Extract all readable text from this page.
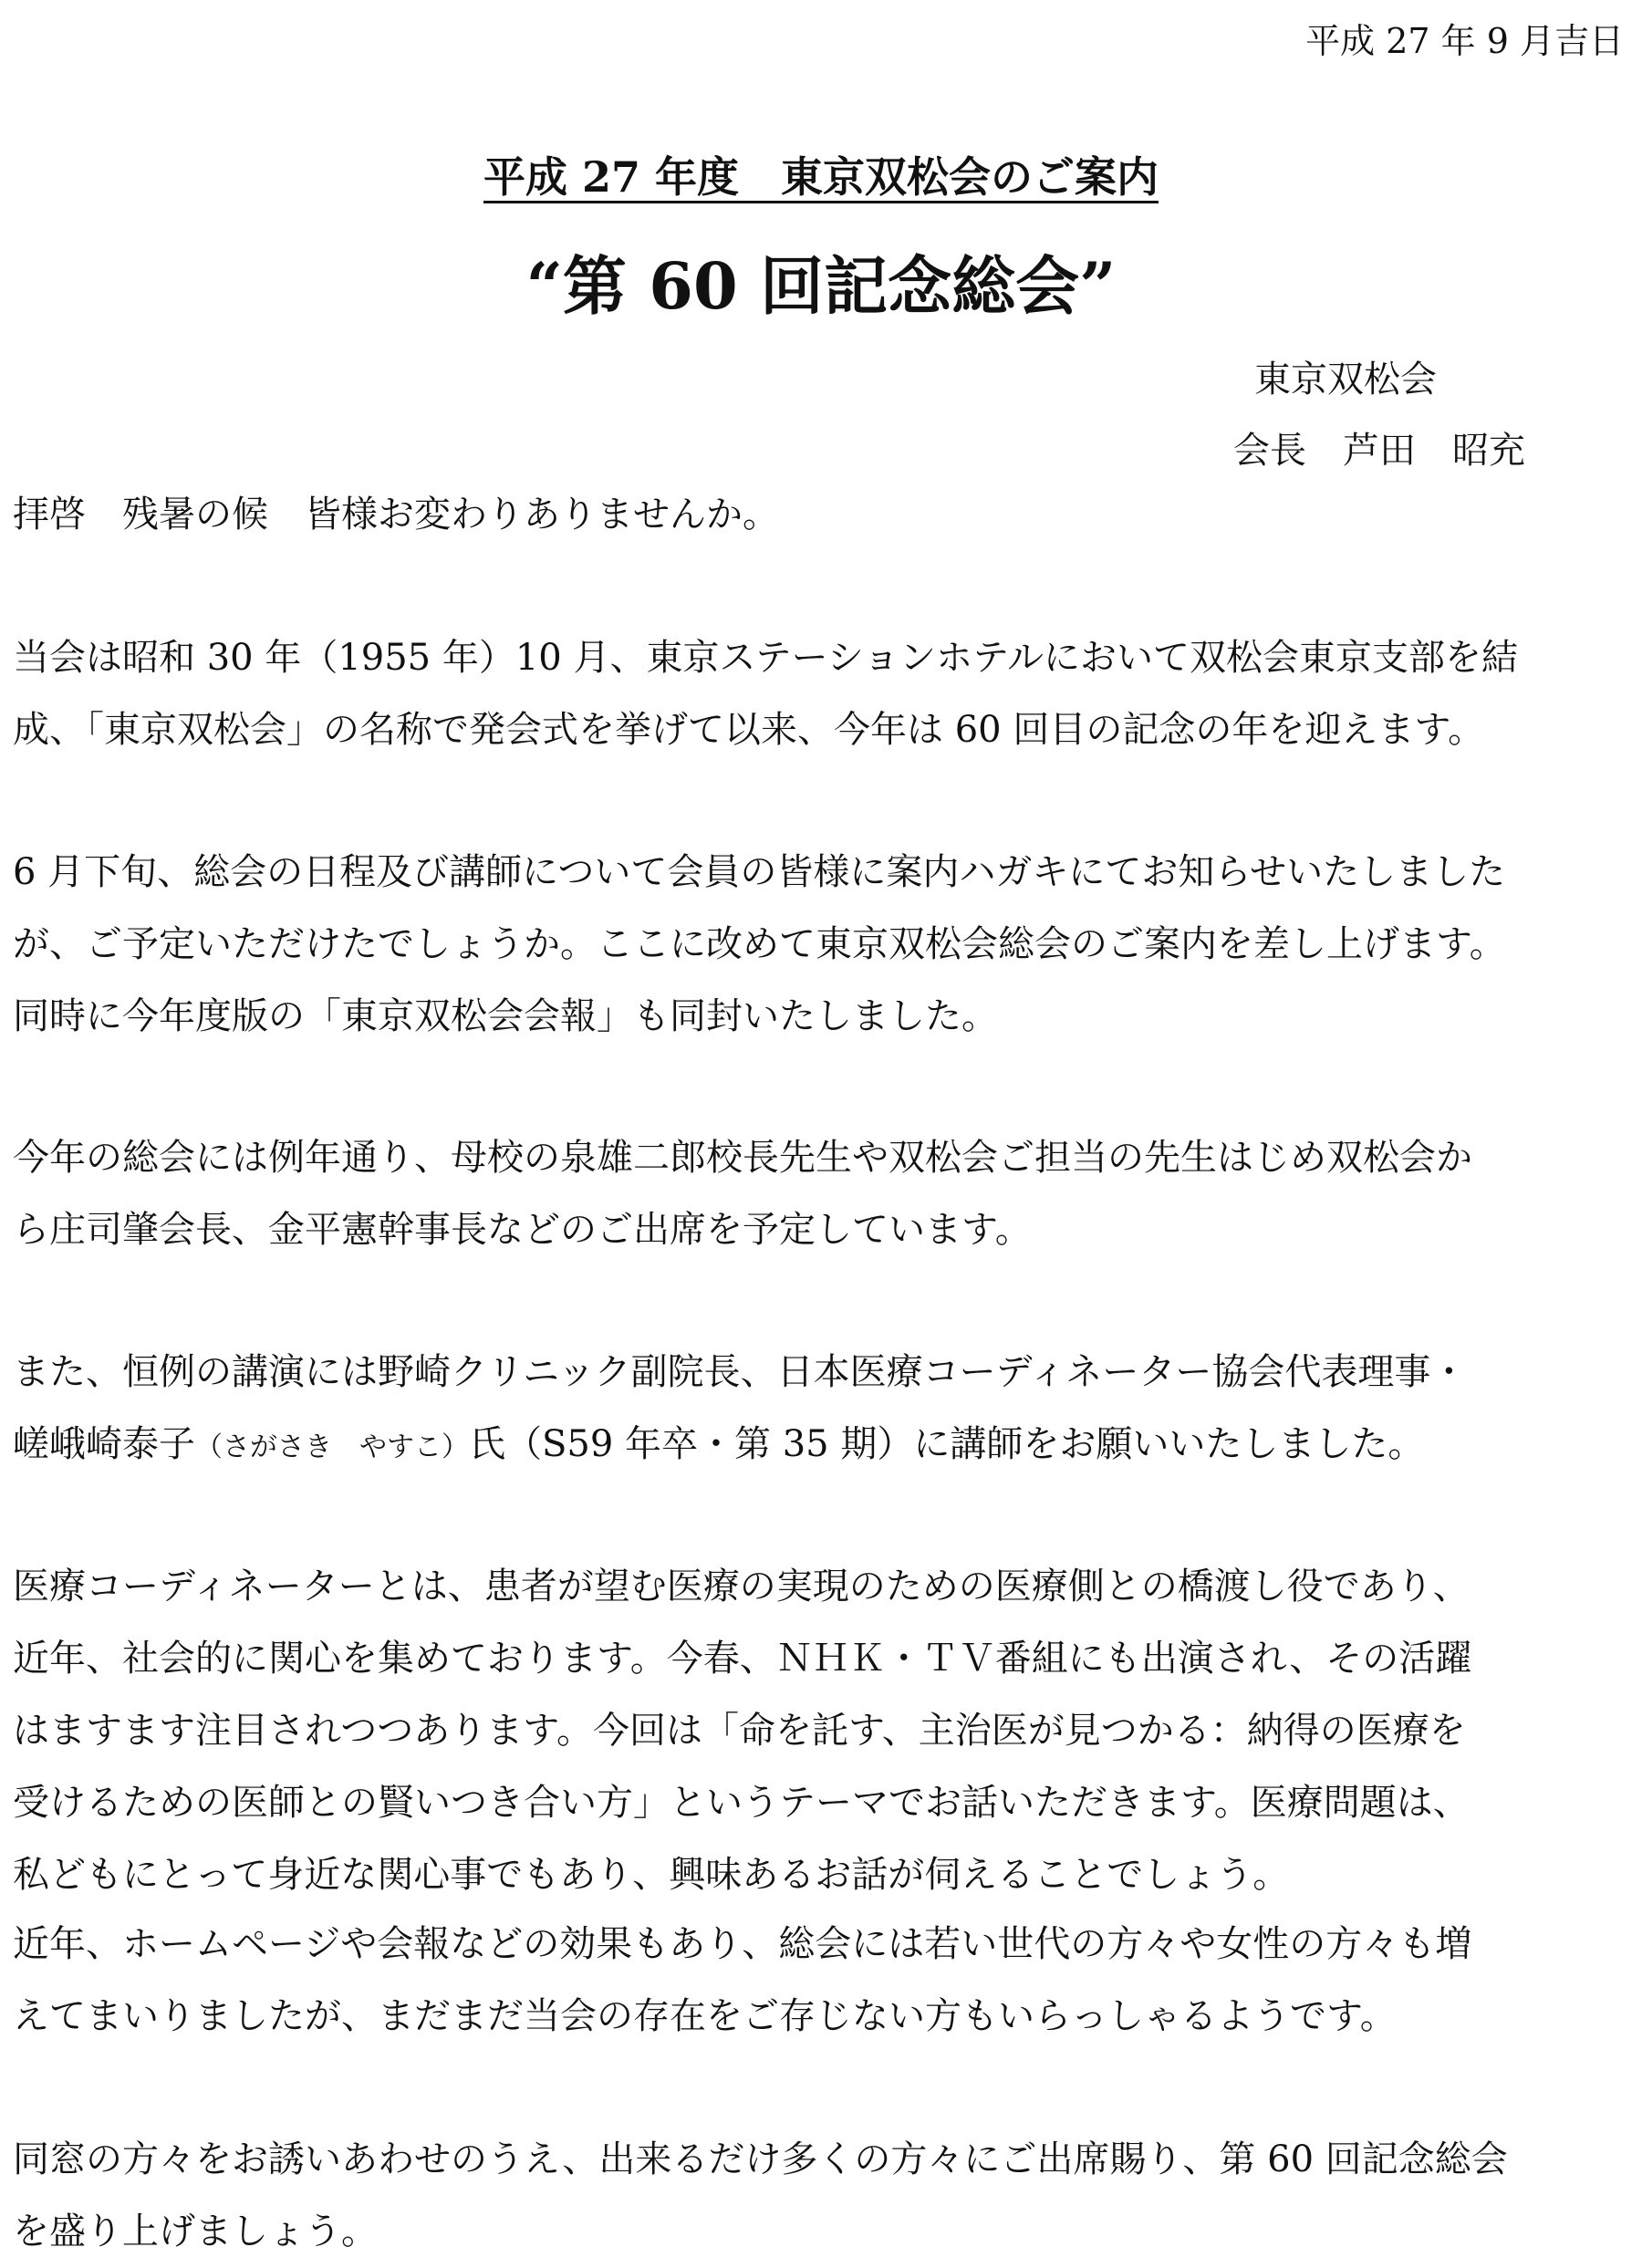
平成 27 年 9 月吉日
平成 27 年度　東京双松会のご案内
“第 60 回記念総会”
東京双松会
会長　芦田　昭充

拝啓　残暑の候　皆様お変わりありませんか。

当会は昭和 30 年（1955 年）10 月、東京ステーションホテルにおいて双松会東京支部を結
成、「東京双松会」の名称で発会式を挙げて以来、今年は 60 回目の記念の年を迎えます。

6 月下旬、総会の日程及び講師について会員の皆様に案内ハガキにてお知らせいたしました
が、ご予定いただけたでしょうか。ここに改めて東京双松会総会のご案内を差し上げます。
同時に今年度版の「東京双松会会報」も同封いたしました。

今年の総会には例年通り、母校の泉雄二郎校長先生や双松会ご担当の先生はじめ双松会か
ら庄司肇会長、金平憲幹事長などのご出席を予定しています。

また、恒例の講演には野崎クリニック副院長、日本医療コーディネーター協会代表理事・
嵯峨崎泰子（さがさき　やすこ）氏（S59 年卒・第 35 期）に講師をお願いいたしました。

医療コーディネーターとは、患者が望む医療の実現のための医療側との橋渡し役であり、
近年、社会的に関心を集めております。今春、ＮＨＫ・ＴＶ番組にも出演され、その活躍
はますます注目されつつあります。今回は「命を託す、主治医が見つかる：納得の医療を
受けるための医師との賢いつき合い方」というテーマでお話いただきます。医療問題は、
私どもにとって身近な関心事でもあり、興味あるお話が伺えることでしょう。

近年、ホームページや会報などの効果もあり、総会には若い世代の方々や女性の方々も増
えてまいりましたが、まだまだ当会の存在をご存じない方もいらっしゃるようです。

同窓の方々をお誘いあわせのうえ、出来るだけ多くの方々にご出席賜り、第 60 回記念総会
を盛り上げましょう。
